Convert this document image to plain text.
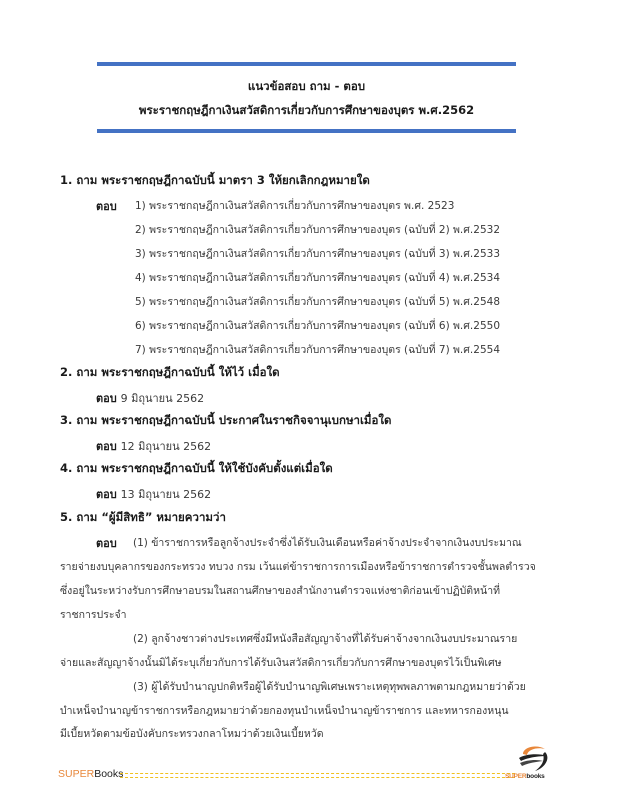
แนวข้อสอบ ถาม - ตอบ
พระราชกฤษฎีกาเงินสวัสดิการเกี่ยวกับการศึกษาของบุตร พ.ศ.2562
1. ถาม พระราชกฤษฎีกาฉบับนี้ มาตรา 3 ให้ยกเลิกกฎหมายใด
ตอบ 1) พระราชกฤษฎีกาเงินสวัสดิการเกี่ยวกับการศึกษาของบุตร พ.ศ. 2523
2) พระราชกฤษฎีกาเงินสวัสดิการเกี่ยวกับการศึกษาของบุตร (ฉบับที่ 2) พ.ศ.2532
3) พระราชกฤษฎีกาเงินสวัสดิการเกี่ยวกับการศึกษาของบุตร (ฉบับที่ 3) พ.ศ.2533
4) พระราชกฤษฎีกาเงินสวัสดิการเกี่ยวกับการศึกษาของบุตร (ฉบับที่ 4) พ.ศ.2534
5) พระราชกฤษฎีกาเงินสวัสดิการเกี่ยวกับการศึกษาของบุตร (ฉบับที่ 5) พ.ศ.2548
6) พระราชกฤษฎีกาเงินสวัสดิการเกี่ยวกับการศึกษาของบุตร (ฉบับที่ 6) พ.ศ.2550
7) พระราชกฤษฎีกาเงินสวัสดิการเกี่ยวกับการศึกษาของบุตร (ฉบับที่ 7) พ.ศ.2554
2. ถาม พระราชกฤษฎีกาฉบับนี้ ให้ไว้ เมื่อใด
ตอบ 9 มิถุนายน 2562
3. ถาม พระราชกฤษฎีกาฉบับนี้ ประกาศในราชกิจจานุเบกษาเมื่อใด
ตอบ 12 มิถุนายน 2562
4. ถาม พระราชกฤษฎีกาฉบับนี้ ให้ใช้บังคับตั้งแต่เมื่อใด
ตอบ 13 มิถุนายน 2562
5. ถาม “ผู้มีสิทธิ” หมายความว่า
ตอบ (1) ข้าราชการหรือลูกจ้างประจำซึ่งได้รับเงินเดือนหรือค่าจ้างประจำจากเงินงบประมาณ
รายจ่ายงบบุคลากรของกระทรวง ทบวง กรม เว้นแต่ข้าราชการการเมืองหรือข้าราชการตำรวจชั้นพลตำรวจ
ซึ่งอยู่ในระหว่างรับการศึกษาอบรมในสถานศึกษาของสำนักงานตำรวจแห่งชาติก่อนเข้าปฏิบัติหน้าที่
ราชการประจำ
(2) ลูกจ้างชาวต่างประเทศซึ่งมีหนังสือสัญญาจ้างที่ได้รับค่าจ้างจากเงินงบประมาณราย
จ่ายและสัญญาจ้างนั้นมิได้ระบุเกี่ยวกับการได้รับเงินสวัสดิการเกี่ยวกับการศึกษาของบุตรไว้เป็นพิเศษ
(3) ผู้ได้รับบำนาญปกติหรือผู้ได้รับบำนาญพิเศษเพราะเหตุทุพพลภาพตามกฎหมายว่าด้วย
บำเหน็จบำนาญข้าราชการหรือกฎหมายว่าด้วยกองทุนบำเหน็จบำนาญข้าราชการ และทหารกองหนุน
มีเบี้ยหวัดตามข้อบังคับกระทรวงกลาโหมว่าด้วยเงินเบี้ยหวัด
SUPERBooks	SUPERbooks
